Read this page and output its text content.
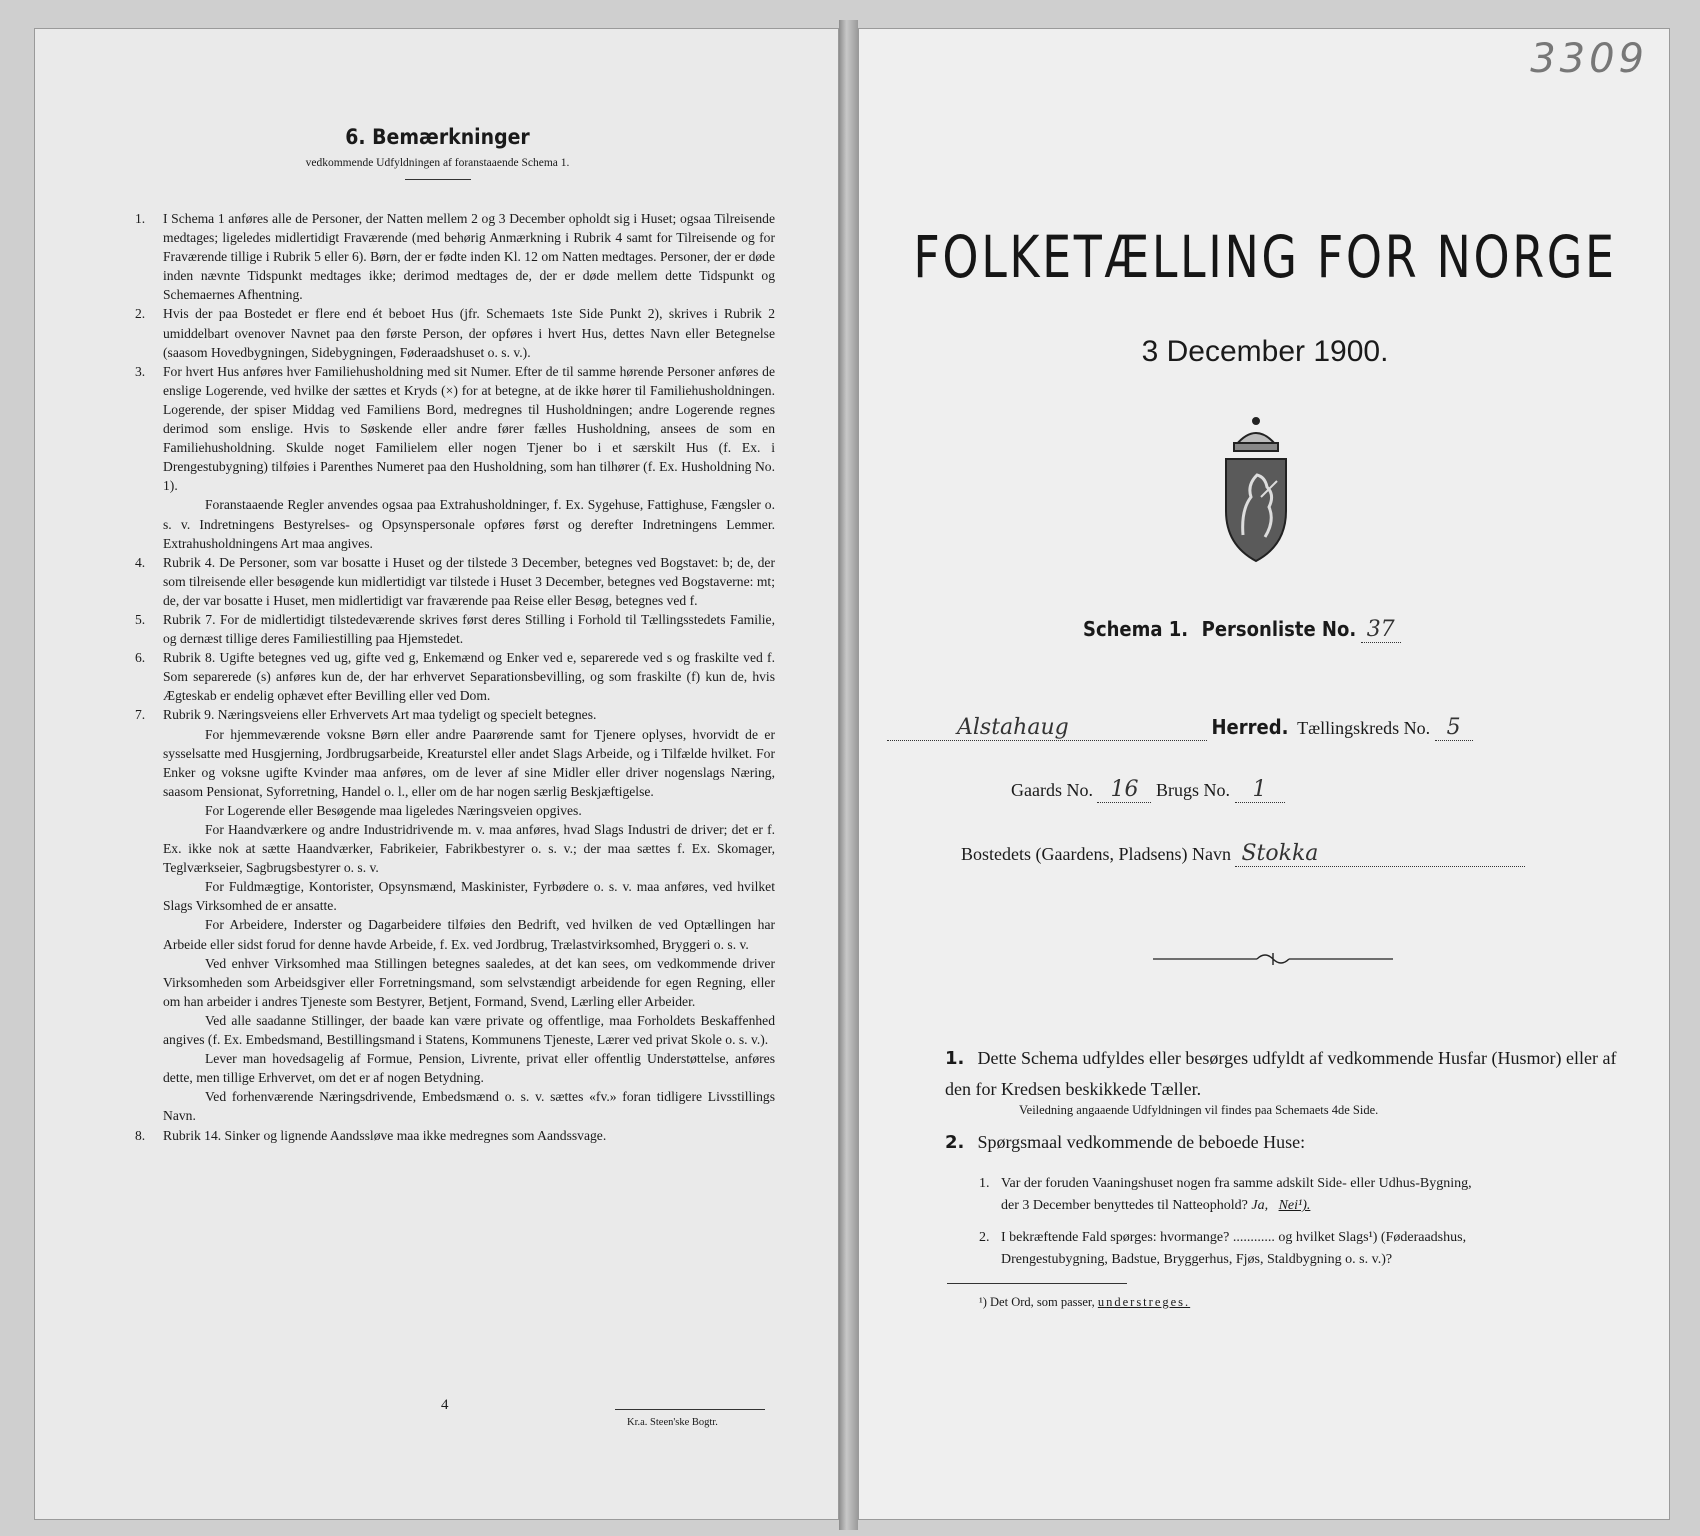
6. Bemærkninger
vedkommende Udfyldningen af foranstaaende Schema 1.
1. I Schema 1 anføres alle de Personer, der Natten mellem 2 og 3 December opholdt sig i Huset; ogsaa Tilreisende medtages; ligeledes midlertidigt Fraværende (med behørig Anmærkning i Rubrik 4 samt for Tilreisende og for Fraværende tillige i Rubrik 5 eller 6). Børn, der er fødte inden Kl. 12 om Natten medtages. Personer, der er døde inden nævnte Tidspunkt medtages ikke; derimod medtages de, der er døde mellem dette Tidspunkt og Schemaernes Afhentning.

2. Hvis der paa Bostedet er flere end ét beboet Hus (jfr. Schemaets 1ste Side Punkt 2), skrives i Rubrik 2 umiddelbart ovenover Navnet paa den første Person, der opføres i hvert Hus, dettes Navn eller Betegnelse (saasom Hovedbygningen, Sidebygningen, Føderaadshuset o. s. v.).

3. For hvert Hus anføres hver Familiehusholdning med sit Numer. Efter de til samme hørende Personer anføres de enslige Logerende, ved hvilke der sættes et Kryds (×) for at betegne, at de ikke hører til Familiehusholdningen. Logerende, der spiser Middag ved Familiens Bord, medregnes til Husholdningen; andre Logerende regnes derimod som enslige. Hvis to Søskende eller andre fører fælles Husholdning, ansees de som en Familiehusholdning. Skulde noget Familielem eller nogen Tjener bo i et særskilt Hus (f. Ex. i Drengestubygning) tilføies i Parenthes Numeret paa den Husholdning, som han tilhører (f. Ex. Husholdning No. 1).

Foranstaaende Regler anvendes ogsaa paa Extrahusholdninger, f. Ex. Sygehuse, Fattighuse, Fængsler o. s. v. Indretningens Bestyrelses- og Opsynspersonale opføres først og derefter Indretningens Lemmer. Extrahusholdningens Art maa angives.

4. Rubrik 4. De Personer, som var bosatte i Huset og der tilstede 3 December, betegnes ved Bogstavet: b; de, der som tilreisende eller besøgende kun midlertidigt var tilstede i Huset 3 December, betegnes ved Bogstaverne: mt; de, der var bosatte i Huset, men midlertidigt var fraværende paa Reise eller Besøg, betegnes ved f.

5. Rubrik 7. For de midlertidigt tilstedeværende skrives først deres Stilling i Forhold til Tællingsstedets Familie, og dernæst tillige deres Familiestilling paa Hjemstedet.

6. Rubrik 8. Ugifte betegnes ved ug, gifte ved g, Enkemænd og Enker ved e, separerede ved s og fraskilte ved f. Som separerede (s) anføres kun de, der har erhvervet Separationsbevilling, og som fraskilte (f) kun de, hvis Ægteskab er endelig ophævet efter Bevilling eller ved Dom.

7. Rubrik 9. Næringsveiens eller Erhvervets Art maa tydeligt og specielt betegnes.

For hjemmeværende voksne Børn eller andre Paarørende samt for Tjenere oplyses, hvorvidt de er sysselsatte med Husgjerning, Jordbrugsarbeide, Kreaturstel eller andet Slags Arbeide, og i Tilfælde hvilket. For Enker og voksne ugifte Kvinder maa anføres, om de lever af sine Midler eller driver nogenslags Næring, saasom Pensionat, Syforretning, Handel o. l., eller om de har nogen særlig Beskjæftigelse.

For Logerende eller Besøgende maa ligeledes Næringsveien opgives.

For Haandværkere og andre Industridrivende m. v. maa anføres, hvad Slags Industri de driver; det er f. Ex. ikke nok at sætte Haandværker, Fabrikeier, Fabrikbestyrer o. s. v.; der maa sættes f. Ex. Skomager, Teglværkseier, Sagbrugsbestyrer o. s. v.

For Fuldmægtige, Kontorister, Opsynsmænd, Maskinister, Fyrbødere o. s. v. maa anføres, ved hvilket Slags Virksomhed de er ansatte.

For Arbeidere, Inderster og Dagarbeidere tilføies den Bedrift, ved hvilken de ved Optællingen har Arbeide eller sidst forud for denne havde Arbeide, f. Ex. ved Jordbrug, Trælastvirksomhed, Bryggeri o. s. v.

Ved enhver Virksomhed maa Stillingen betegnes saaledes, at det kan sees, om vedkommende driver Virksomheden som Arbeidsgiver eller Forretningsmand, som selvstændigt arbeidende for egen Regning, eller om han arbeider i andres Tjeneste som Bestyrer, Betjent, Formand, Svend, Lærling eller Arbeider.

Ved alle saadanne Stillinger, der baade kan være private og offentlige, maa Forholdets Beskaffenhed angives (f. Ex. Embedsmand, Bestillingsmand i Statens, Kommunens Tjeneste, Lærer ved privat Skole o. s. v.).

Lever man hovedsagelig af Formue, Pension, Livrente, privat eller offentlig Understøttelse, anføres dette, men tillige Erhvervet, om det er af nogen Betydning.

Ved forhenværende Næringsdrivende, Embedsmænd o. s. v. sættes «fv.» foran tidligere Livsstillings Navn.

8. Rubrik 14. Sinker og lignende Aandssløve maa ikke medregnes som Aandssvage.

4
Kr.a. Steen'ske Bogtr.
FOLKETÆLLING FOR NORGE
3 December 1900.
Schema 1. Personliste No. 37
Alstahaug	Herred. Tællingskreds No. 5
Gaards No. 16 Brugs No. 1
Bostedets (Gaardens, Pladsens) Navn Stokka
1. Dette Schema udfyldes eller besørges udfyldt af vedkommende Husfar (Husmor) eller af den for Kredsen beskikkede Tæller.
Veiledning angaaende Udfyldningen vil findes paa Schemaets 4de Side.
2. Spørgsmaal vedkommende de beboede Huse:
1. Var der foruden Vaaningshuset nogen fra samme adskilt Side- eller Udhus-Bygning,
der 3 December benyttedes til Natteophold? Ja, Nei¹).
2. I bekræftende Fald spørges: hvormange? ............ og hvilket Slags¹) (Føderaadshus,
Drengestubygning, Badstue, Bryggerhus, Fjøs, Staldbygning o. s. v.)?
¹) Det Ord, som passer, understreges.
3309
